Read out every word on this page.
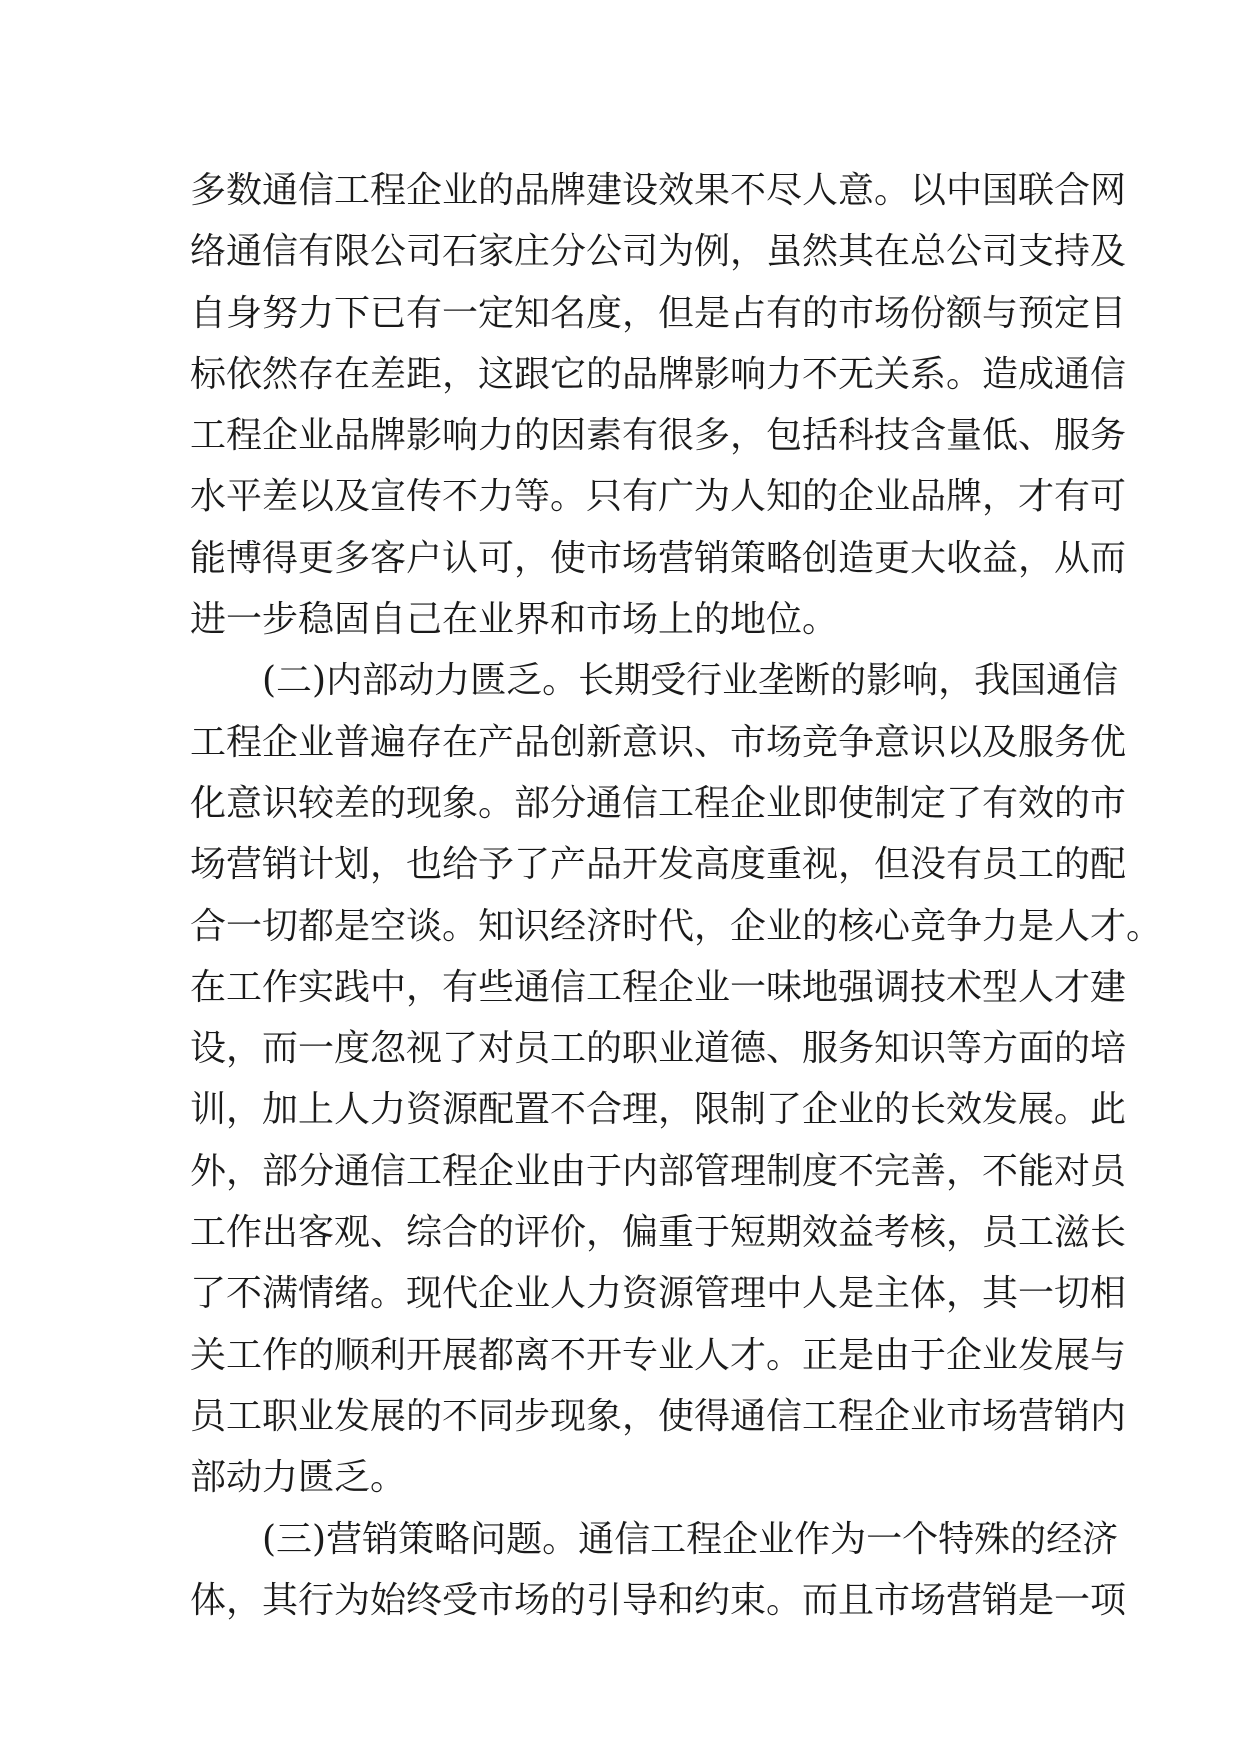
多数通信工程企业的品牌建设效果不尽人意。以中国联合网
络通信有限公司石家庄分公司为例，虽然其在总公司支持及
自身努力下已有一定知名度，但是占有的市场份额与预定目
标依然存在差距，这跟它的品牌影响力不无关系。造成通信
工程企业品牌影响力的因素有很多，包括科技含量低、服务
水平差以及宣传不力等。只有广为人知的企业品牌，才有可
能博得更多客户认可，使市场营销策略创造更大收益，从而
进一步稳固自己在业界和市场上的地位。
(二)内部动力匮乏。长期受行业垄断的影响，我国通信
工程企业普遍存在产品创新意识、市场竞争意识以及服务优
化意识较差的现象。部分通信工程企业即使制定了有效的市
场营销计划，也给予了产品开发高度重视，但没有员工的配
合一切都是空谈。知识经济时代，企业的核心竞争力是人才。
在工作实践中，有些通信工程企业一味地强调技术型人才建
设，而一度忽视了对员工的职业道德、服务知识等方面的培
训，加上人力资源配置不合理，限制了企业的长效发展。此
外，部分通信工程企业由于内部管理制度不完善，不能对员
工作出客观、综合的评价，偏重于短期效益考核，员工滋长
了不满情绪。现代企业人力资源管理中人是主体，其一切相
关工作的顺利开展都离不开专业人才。正是由于企业发展与
员工职业发展的不同步现象，使得通信工程企业市场营销内
部动力匮乏。
(三)营销策略问题。通信工程企业作为一个特殊的经济
体，其行为始终受市场的引导和约束。而且市场营销是一项
